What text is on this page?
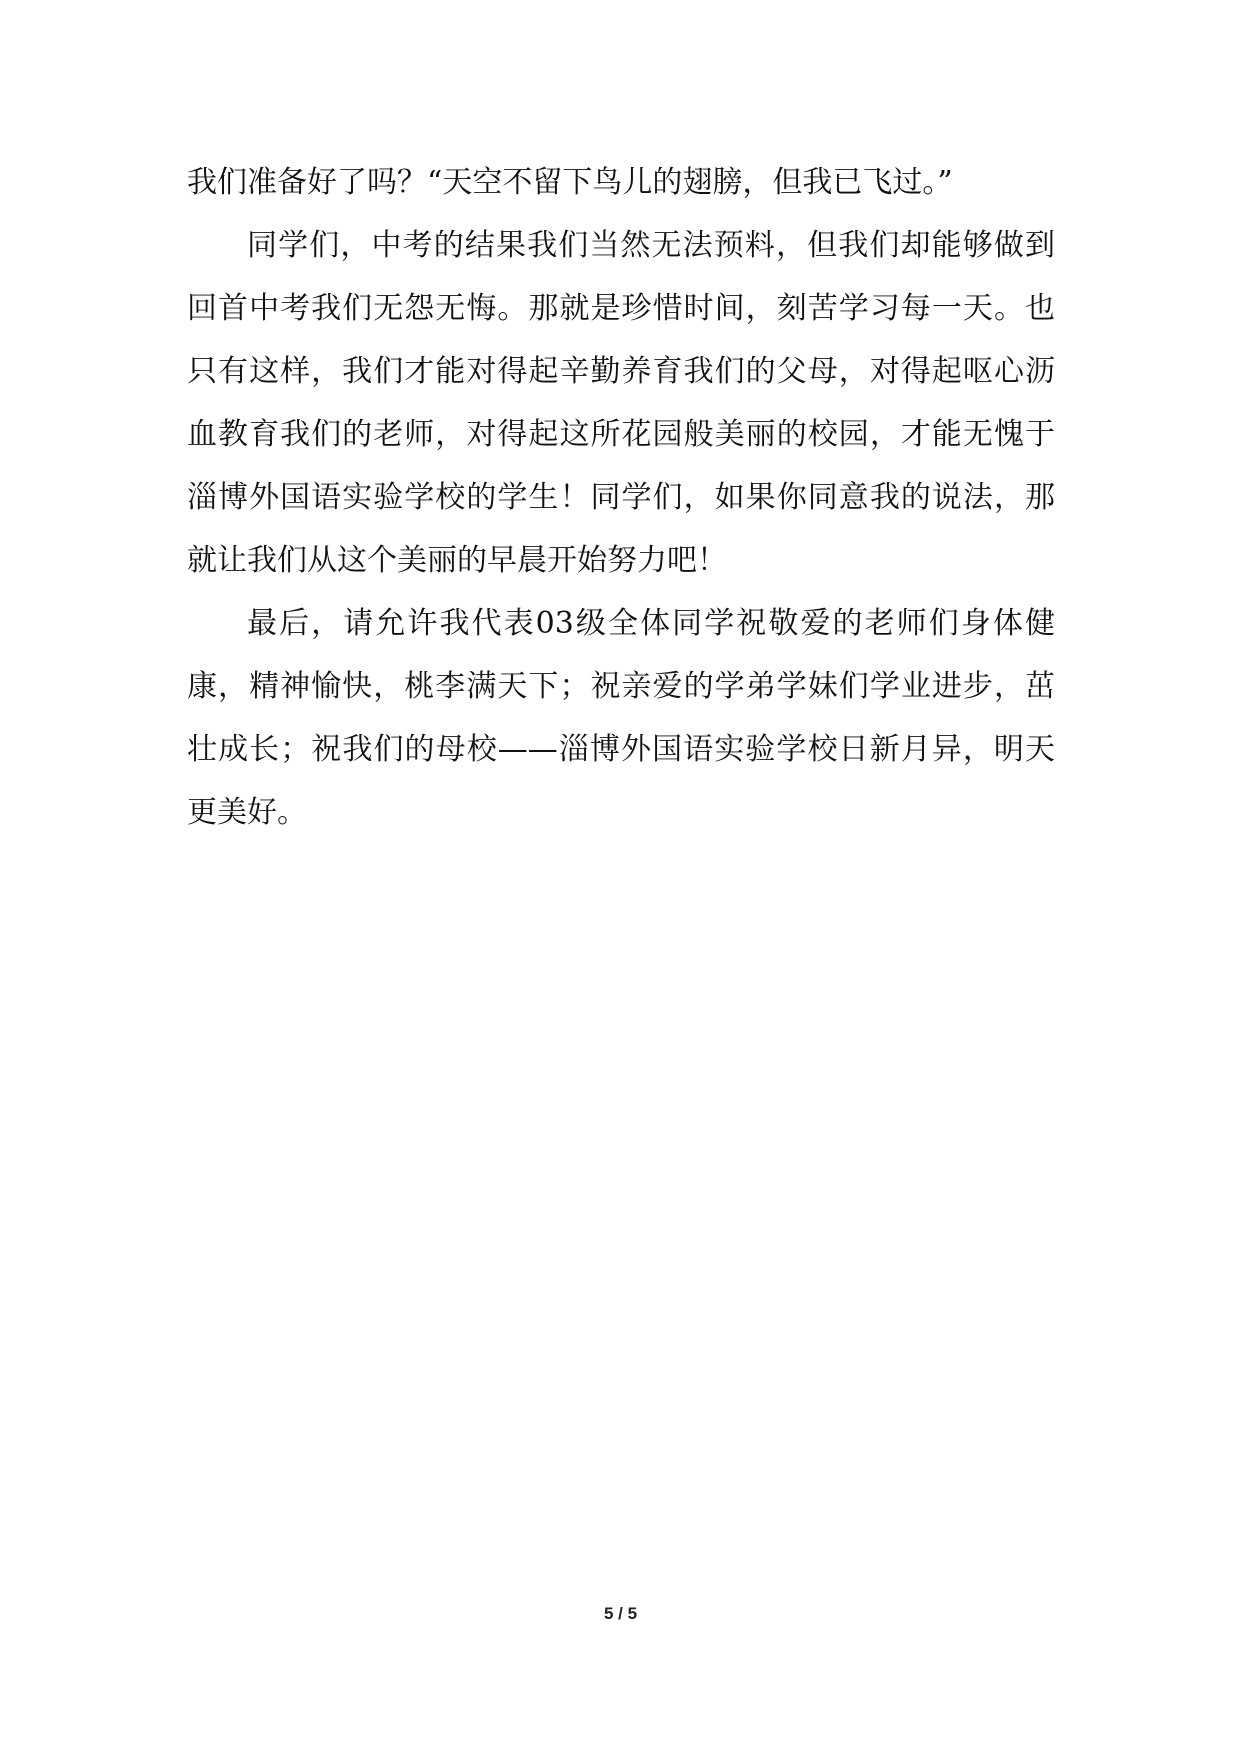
我们准备好了吗？“天空不留下鸟儿的翅膀，但我已飞过。”

同学们，中考的结果我们当然无法预料，但我们却能够做到回首中考我们无怨无悔。那就是珍惜时间，刻苦学习每一天。也只有这样，我们才能对得起辛勤养育我们的父母，对得起呕心沥血教育我们的老师，对得起这所花园般美丽的校园，才能无愧于淄博外国语实验学校的学生！同学们，如果你同意我的说法，那就让我们从这个美丽的早晨开始努力吧！

最后，请允许我代表03级全体同学祝敬爱的老师们身体健康，精神愉快，桃李满天下；祝亲爱的学弟学妹们学业进步，茁壮成长；祝我们的母校——淄博外国语实验学校日新月异，明天更美好。

5 / 5
